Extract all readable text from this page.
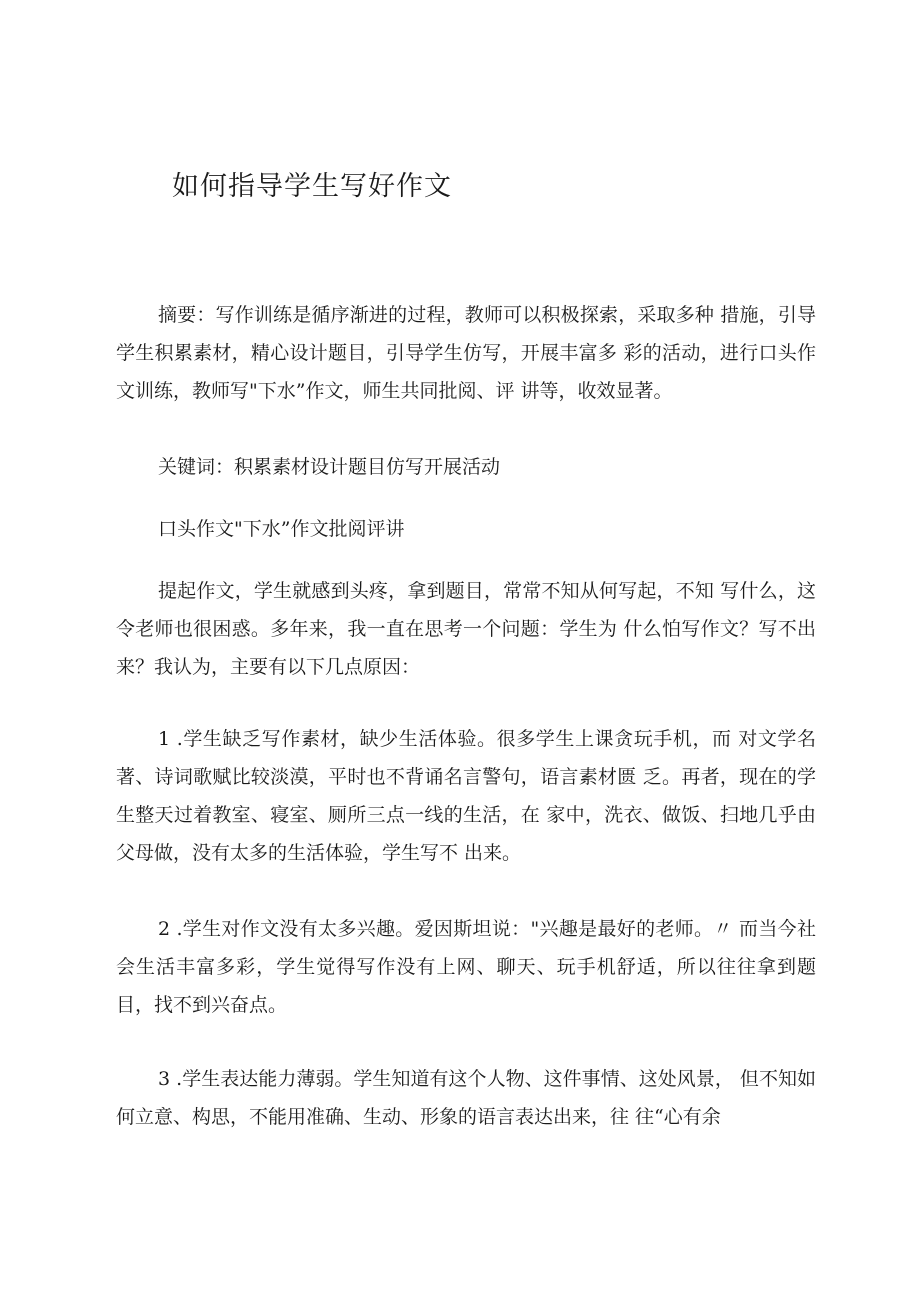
如何指导学生写好作文

摘要：写作训练是循序渐进的过程，教师可以积极探索，采取多种 措施，引导学生积累素材，精心设计题目，引导学生仿写，开展丰富多 彩的活动，进行口头作文训练，教师写"下水”作文，师生共同批阅、评 讲等，收效显著。

关键词：积累素材设计题目仿写开展活动

口头作文"下水”作文批阅评讲

提起作文，学生就感到头疼，拿到题目，常常不知从何写起，不知 写什么，这令老师也很困惑。多年来，我一直在思考一个问题：学生为 什么怕写作文？写不出来？我认为，主要有以下几点原因：

1 .学生缺乏写作素材，缺少生活体验。很多学生上课贪玩手机，而 对文学名著、诗词歌赋比较淡漠，平时也不背诵名言警句，语言素材匮 乏。再者，现在的学生整天过着教室、寝室、厕所三点一线的生活，在 家中，洗衣、做饭、扫地几乎由父母做，没有太多的生活体验，学生写不 出来。

2 .学生对作文没有太多兴趣。爱因斯坦说："兴趣是最好的老师。〃 而当今社会生活丰富多彩，学生觉得写作没有上网、聊天、玩手机舒适，所以往往拿到题目，找不到兴奋点。

3 .学生表达能力薄弱。学生知道有这个人物、这件事情、这处风景， 但不知如何立意、构思，不能用准确、生动、形象的语言表达出来，往 往“心有余
